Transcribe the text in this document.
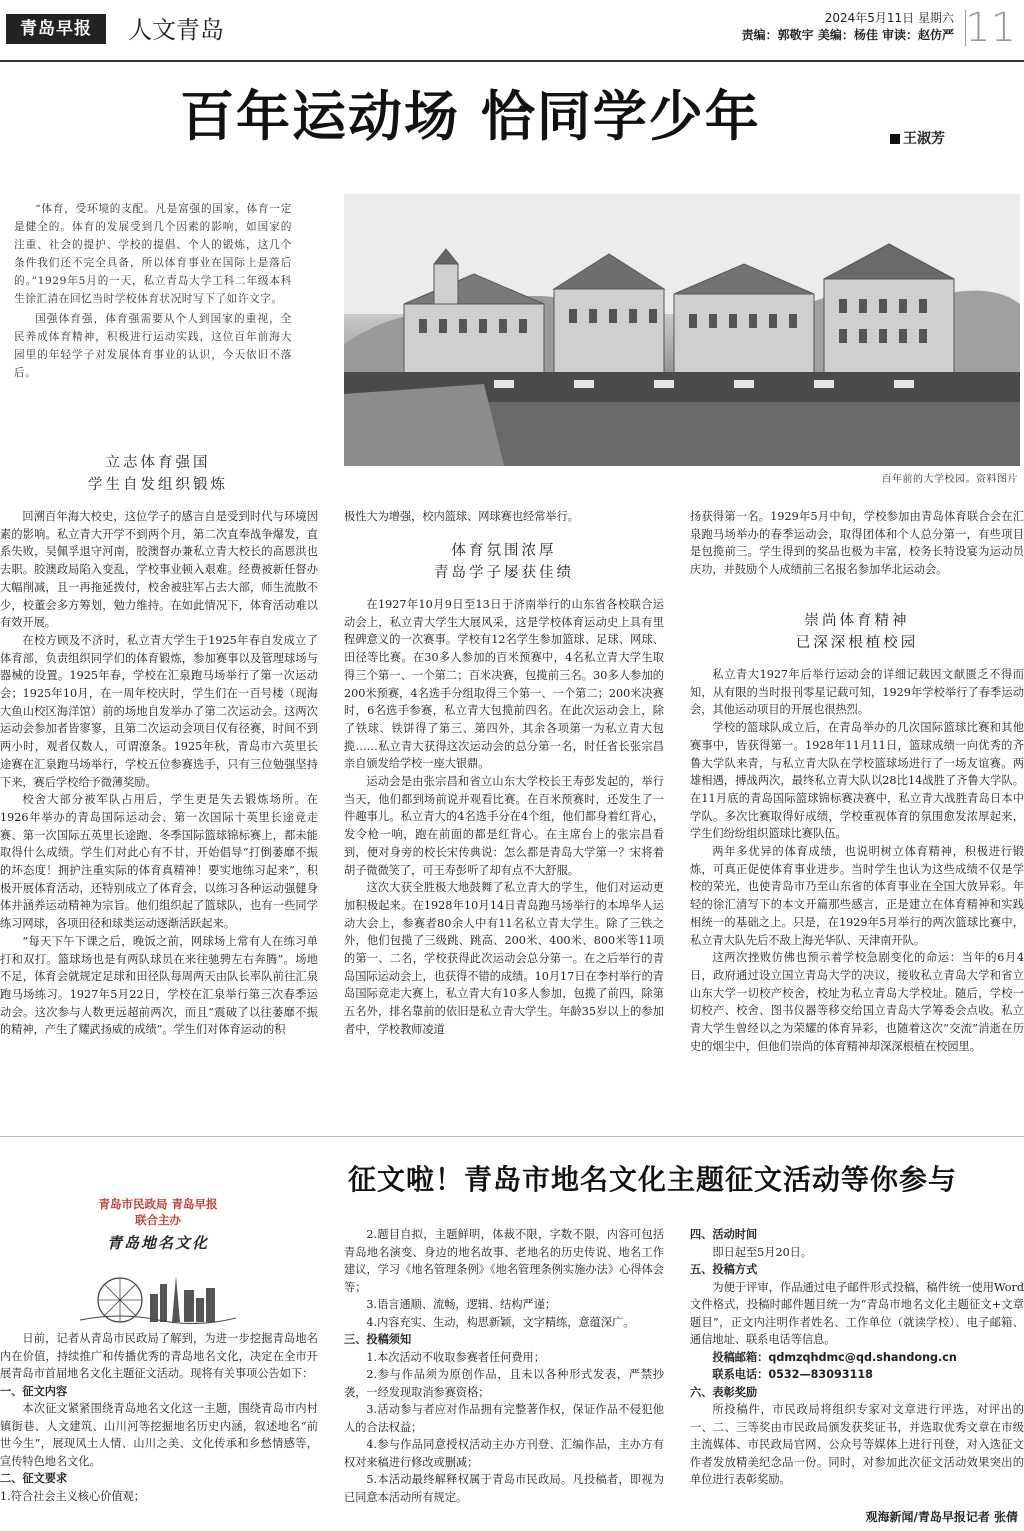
青岛早报	人文青岛	2024年5月11日 星期六
责编：郭敬宇 美编：杨佳 审读：赵仿严 11
百年运动场 恰同学少年	王淑芳

“体育，受环境的支配。凡是富强的国家，体育一定是健全的。体育的发展受到几个因素的影响，如国家的注重、社会的提护、学校的提倡、个人的锻炼，这几个条件我们还不完全具备，所以体育事业在国际上是落后的。”1929年5月的一天，私立青岛大学工科二年级本科生徐汇清在回忆当时学校体育状况时写下了如许文字。

国强体育强，体育强需要从个人到国家的重视，全民养成体育精神，积极进行运动实践，这位百年前海大园里的年轻学子对发展体育事业的认识，今天依旧不落后。

百年前的大学校园。资料图片
立志体育强国
学生自发组织锻炼

回溯百年海大校史，这位学子的感言自是受到时代与环境因素的影响。私立青大开学不到两个月，第二次直奉战争爆发，直系失败，吴佩孚退守河南，胶澳督办兼私立青大校长的高恩洪也去职。胶澳政局陷入变乱，学校事业顿入艰难。经费被新任督办大幅削减，且一再拖延拨付，校舍被驻军占去大部，师生流散不少，校董会多方筹划，勉力维持。在如此情况下，体育活动难以有效开展。

在校方顾及不济时，私立青大学生于1925年春自发成立了体育部，负责组织同学们的体育锻炼，参加赛事以及管理球场与器械的设置。1925年春，学校在汇泉跑马场举行了第一次运动会；1925年10月，在一周年校庆时，学生们在一百号楼（现海大鱼山校区海洋馆）前的场地自发举办了第二次运动会。这两次运动会参加者皆寥寥，且第二次运动会项目仅有径赛，时间不到两小时，观者仅数人，可谓潦条。1925年秋，青岛市六英里长途赛在汇泉跑马场举行，学校五位参赛选手，只有三位勉强坚持下来，赛后学校给予微薄奖励。

校舍大部分被军队占用后，学生更是失去锻炼场所。在1926年举办的青岛国际运动会、第一次国际十英里长途竞走赛、第一次国际五英里长途跑、冬季国际篮球锦标赛上，都未能取得什么成绩。学生们对此心有不甘，开始倡导“打倒萎靡不振的坏态度！拥护注重实际的体育真精神！要实地练习起来”，积极开展体育活动，还特别成立了体育会，以练习各种运动强健身体并涵养运动精神为宗旨。他们组织起了篮球队，也有一些同学练习网球，各项田径和球类运动逐渐活跃起来。

“每天下午下课之后，晚饭之前，网球场上常有人在练习单打和双打。篮球场也是有两队球员在来往驰骋左右奔腾”。场地不足，体育会就规定足球和田径队每周两天由队长率队前往汇泉跑马场练习。1927年5月22日，学校在汇泉举行第三次春季运动会。这次参与人数更远超前两次，而且“震破了以往萎靡不振的精神，产生了耀武扬威的成绩”。学生们对体育运动的积

极性大为增强，校内篮球、网球赛也经常举行。

体育氛围浓厚
青岛学子屡获佳绩

在1927年10月9日至13日于济南举行的山东省各校联合运动会上，私立青大学生大展风采，这是学校体育运动史上具有里程碑意义的一次赛事。学校有12名学生参加篮球、足球、网球、田径等比赛。在30多人参加的百米预赛中，4名私立青大学生取得三个第一、一个第二；百米决赛，包揽前三名。30多人参加的200米预赛，4名选手分组取得三个第一、一个第二；200米决赛时，6名选手参赛，私立青大包揽前四名。在此次运动会上，除了铁球、铁饼得了第三、第四外，其余各项第一为私立青大包揽……私立青大获得这次运动会的总分第一名，时任省长张宗昌亲自颁发给学校一座大银鼎。

运动会是由张宗昌和省立山东大学校长王寿彭发起的，举行当天，他们都到场前说并观看比赛。在百米预赛时，还发生了一件趣事儿。私立青大的4名选手分在4个组，他们都身着红背心，发令枪一响，跑在前面的都是红背心。在主席台上的张宗昌看到，便对身旁的校长宋传典说：怎么都是青岛大学第一？宋将着胡子微微笑了，可王寿彭听了却有点不大舒服。

这次大获全胜极大地鼓舞了私立青大的学生，他们对运动更加积极起来。在1928年10月14日青岛跑马场举行的本埠华人运动大会上，参赛者80余人中有11名私立青大学生。除了三铁之外，他们包揽了三级跳、跳高、200米、400米、800米等11项的第一、二名，学校获得此次运动会总分第一。在之后举行的青岛国际运动会上，也获得不错的成绩。10月17日在李村举行的青岛国际竞走大赛上，私立青大有10多人参加，包揽了前四，除第五名外，排名靠前的依旧是私立青大学生。年龄35岁以上的参加者中，学校教师凌道

扬获得第一名。1929年5月中旬，学校参加由青岛体育联合会在汇泉跑马场举办的春季运动会，取得团体和个人总分第一，有些项目是包揽前三。学生得到的奖品也极为丰富，校务长特设宴为运动员庆功，并鼓励个人成绩前三名报名参加华北运动会。

崇尚体育精神
已深深根植校园

私立青大1927年后举行运动会的详细记载因文献匮乏不得而知，从有限的当时报刊零星记载可知，1929年学校举行了春季运动会，其他运动项目的开展也很热烈。

学校的篮球队成立后，在青岛举办的几次国际篮球比赛和其他赛事中，皆获得第一。1928年11月11日，篮球成绩一向优秀的齐鲁大学队来青，与私立青大队在学校篮球场进行了一场友谊赛。两雄相遇，搏战两次，最终私立青大队以28比14战胜了齐鲁大学队。在11月底的青岛国际篮球锦标赛决赛中，私立青大战胜青岛日本中学队。多次比赛取得好成绩，学校重视体育的氛围愈发浓厚起来，学生们纷纷组织篮球比赛队伍。

两年多优异的体育成绩，也说明树立体育精神，积极进行锻炼，可真正促使体育事业进步。当时学生也认为这些成绩不仅是学校的荣光，也使青岛市乃至山东省的体育事业在全国大放异彩。年轻的徐汇清写下的本文开篇那些感言，正是建立在体育精神和实践相统一的基础之上。只是，在1929年5月举行的两次篮球比赛中，私立青大队先后不敌上海光华队、天津南开队。

这两次挫败仿佛也预示着学校急剧变化的命运：当年的6月4日，政府通过设立国立青岛大学的决议，接收私立青岛大学和省立山东大学一切校产校舍，校址为私立青岛大学校址。随后，学校一切校产、校舍、图书仪器等移交给国立青岛大学筹委会点收。私立青大学生曾经以之为荣耀的体育异彩，也随着这次“交流”消逝在历史的烟尘中，但他们崇尚的体育精神却深深根植在校园里。

征文啦！青岛市地名文化主题征文活动等你参与
青岛市民政局 青岛早报
联合主办
青岛地名文化

日前，记者从青岛市民政局了解到，为进一步挖掘青岛地名内在价值，持续推广和传播优秀的青岛地名文化，决定在全市开展青岛市首届地名文化主题征文活动。现将有关事项公告如下：

一、征文内容

本次征文紧紧围绕青岛地名文化这一主题，围绕青岛市内村镇街巷、人文建筑、山川河等挖掘地名历史内涵，叙述地名“前世今生”，展现风土人情、山川之美、文化传承和乡愁情感等，宣传特色地名文化。

二、征文要求

1.符合社会主义核心价值观；

2.题目自拟，主题鲜明，体裁不限，字数不限，内容可包括青岛地名演变、身边的地名故事、老地名的历史传说、地名工作建议，学习《地名管理条例》《地名管理条例实施办法》心得体会等；

3.语言通顺、流畅，逻辑、结构严谨；

4.内容充实、生动，构思新颖，文字精练，意蕴深广。

三、投稿须知

1.本次活动不收取参赛者任何费用；

2.参与作品须为原创作品，且未以各种形式发表，严禁抄袭，一经发现取消参赛资格；

3.活动参与者应对作品拥有完整著作权，保证作品不侵犯他人的合法权益；

4.参与作品同意授权活动主办方刊登、汇编作品，主办方有权对来稿进行修改或删减；

5.本活动最终解释权属于青岛市民政局。凡投稿者，即视为已同意本活动所有规定。

四、活动时间

即日起至5月20日。

五、投稿方式

为便于评审，作品通过电子邮件形式投稿，稿件统一使用Word文件格式，投稿时邮件题目统一为“青岛市地名文化主题征文+文章题目”，正文内注明作者姓名、工作单位（就读学校）、电子邮箱、通信地址、联系电话等信息。

投稿邮箱：qdmzqhdmc@qd.shandong.cn

联系电话：0532—83093118

六、表彰奖励

所投稿件，市民政局将组织专家对文章进行评选，对评出的一、二、三等奖由市民政局颁发获奖证书，并选取优秀文章在市级主流媒体、市民政局官网、公众号等媒体上进行刊登，对入选征文作者发放精美纪念品一份。同时，对参加此次征文活动效果突出的单位进行表彰奖励。

观海新闻/青岛早报记者 张倩
